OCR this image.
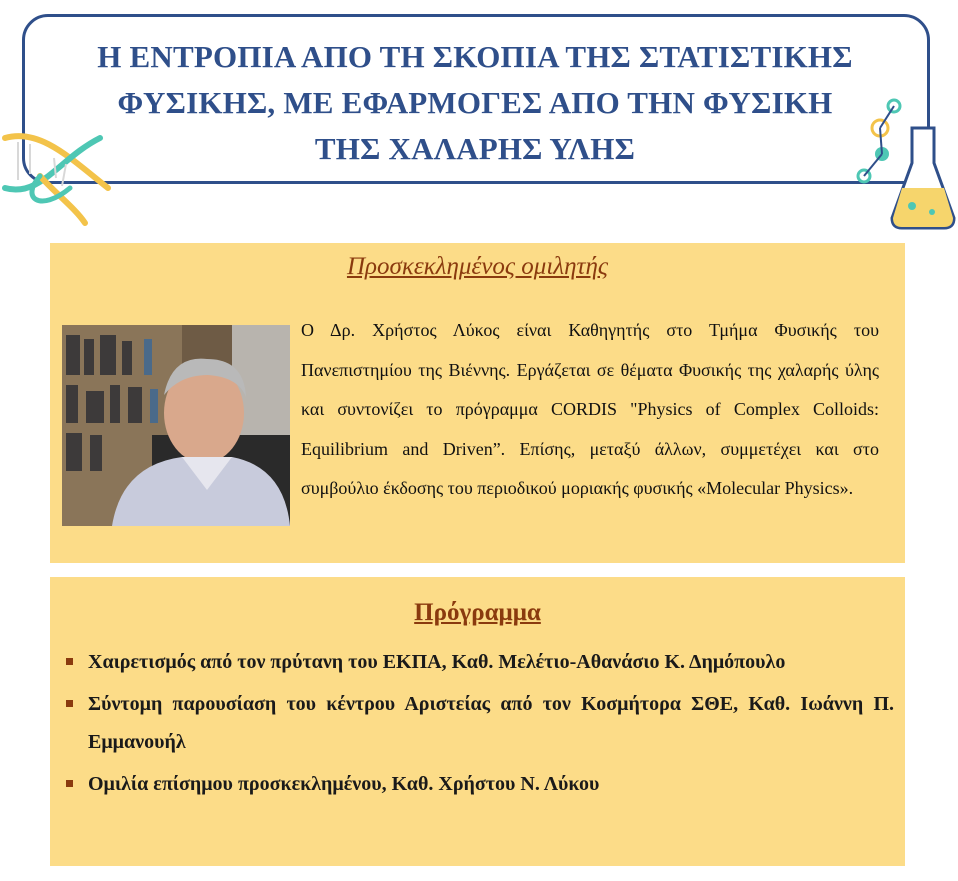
Η ΕΝΤΡΟΠΙΑ ΑΠΟ ΤΗ ΣΚΟΠΙΑ ΤΗΣ ΣΤΑΤΙΣΤΙΚΗΣ
ΦΥΣΙΚΗΣ, ΜΕ ΕΦΑΡΜΟΓΕΣ ΑΠΟ ΤΗΝ ΦΥΣΙΚΗ
ΤΗΣ ΧΑΛΑΡΗΣ ΥΛΗΣ
Προσκεκλημένος ομιλητής
Ο Δρ. Χρήστος Λύκος είναι Καθηγητής στο Τμήμα Φυσικής του Πανεπιστημίου της Βιέννης. Εργάζεται σε θέματα Φυσικής της χαλαρής ύλης και συντονίζει το πρόγραμμα CORDIS "Physics of Complex Colloids: Equilibrium and Driven”. Επίσης, μεταξύ άλλων, συμμετέχει και στο συμβούλιο έκδοσης του περιοδικού μοριακής φυσικής «Molecular Physics».
Πρόγραμμα
Χαιρετισμός από τον πρύτανη του ΕΚΠΑ, Καθ. Μελέτιο-Αθανάσιο Κ. Δημόπουλο
Σύντομη παρουσίαση του κέντρου Αριστείας από τον Κοσμήτορα ΣΘΕ, Καθ. Ιωάννη Π. Εμμανουήλ
Ομιλία επίσημου προσκεκλημένου, Καθ. Χρήστου Ν. Λύκου
